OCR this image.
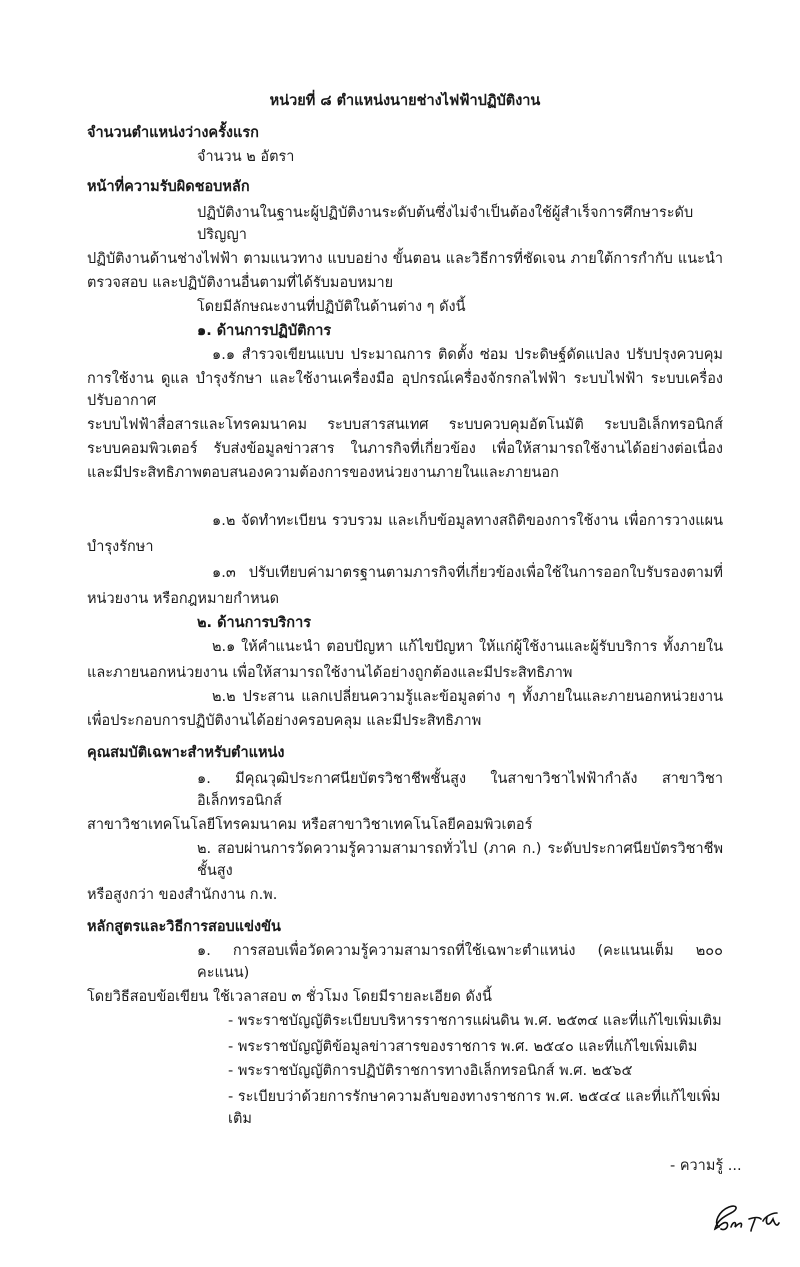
หน่วยที่ ๘ ตำแหน่งนายช่างไฟฟ้าปฏิบัติงาน
จำนวนตำแหน่งว่างครั้งแรก
จำนวน ๒ อัตรา
หน้าที่ความรับผิดชอบหลัก
ปฏิบัติงานในฐานะผู้ปฏิบัติงานระดับต้นซึ่งไม่จำเป็นต้องใช้ผู้สำเร็จการศึกษาระดับปริญญา
ปฏิบัติงานด้านช่างไฟฟ้า ตามแนวทาง แบบอย่าง ขั้นตอน และวิธีการที่ชัดเจน ภายใต้การกำกับ แนะนำ
ตรวจสอบ และปฏิบัติงานอื่นตามที่ได้รับมอบหมาย
โดยมีลักษณะงานที่ปฏิบัติในด้านต่าง ๆ ดังนี้
๑. ด้านการปฏิบัติการ
๑.๑ สำรวจเขียนแบบ ประมาณการ ติดตั้ง ซ่อม ประดิษฐ์ดัดแปลง ปรับปรุงควบคุม
การใช้งาน ดูแล บำรุงรักษา และใช้งานเครื่องมือ อุปกรณ์เครื่องจักรกลไฟฟ้า ระบบไฟฟ้า ระบบเครื่องปรับอากาศ
ระบบไฟฟ้าสื่อสารและโทรคมนาคม ระบบสารสนเทศ ระบบควบคุมอัตโนมัติ ระบบอิเล็กทรอนิกส์
ระบบคอมพิวเตอร์ รับส่งข้อมูลข่าวสาร ในภารกิจที่เกี่ยวข้อง เพื่อให้สามารถใช้งานได้อย่างต่อเนื่อง
และมีประสิทธิภาพตอบสนองความต้องการของหน่วยงานภายในและภายนอก
๑.๒ จัดทำทะเบียน รวบรวม และเก็บข้อมูลทางสถิติของการใช้งาน เพื่อการวางแผน
บำรุงรักษา
๑.๓ ปรับเทียบค่ามาตรฐานตามภารกิจที่เกี่ยวข้องเพื่อใช้ในการออกใบรับรองตามที่
หน่วยงาน หรือกฎหมายกำหนด
๒. ด้านการบริการ
๒.๑ ให้คำแนะนำ ตอบปัญหา แก้ไขปัญหา ให้แก่ผู้ใช้งานและผู้รับบริการ ทั้งภายใน
และภายนอกหน่วยงาน เพื่อให้สามารถใช้งานได้อย่างถูกต้องและมีประสิทธิภาพ
๒.๒ ประสาน แลกเปลี่ยนความรู้และข้อมูลต่าง ๆ ทั้งภายในและภายนอกหน่วยงาน
เพื่อประกอบการปฏิบัติงานได้อย่างครอบคลุม และมีประสิทธิภาพ
คุณสมบัติเฉพาะสำหรับตำแหน่ง
๑. มีคุณวุฒิประกาศนียบัตรวิชาชีพชั้นสูง ในสาขาวิชาไฟฟ้ากำลัง สาขาวิชาอิเล็กทรอนิกส์
สาขาวิชาเทคโนโลยีโทรคมนาคม หรือสาขาวิชาเทคโนโลยีคอมพิวเตอร์
๒. สอบผ่านการวัดความรู้ความสามารถทั่วไป (ภาค ก.) ระดับประกาศนียบัตรวิชาชีพชั้นสูง
หรือสูงกว่า ของสำนักงาน ก.พ.
หลักสูตรและวิธีการสอบแข่งขัน
๑. การสอบเพื่อวัดความรู้ความสามารถที่ใช้เฉพาะตำแหน่ง (คะแนนเต็ม ๒๐๐ คะแนน)
โดยวิธีสอบข้อเขียน ใช้เวลาสอบ ๓ ชั่วโมง โดยมีรายละเอียด ดังนี้
- พระราชบัญญัติระเบียบบริหารราชการแผ่นดิน พ.ศ. ๒๕๓๔ และที่แก้ไขเพิ่มเติม
- พระราชบัญญัติข้อมูลข่าวสารของราชการ พ.ศ. ๒๕๔๐ และที่แก้ไขเพิ่มเติม
- พระราชบัญญัติการปฏิบัติราชการทางอิเล็กทรอนิกส์ พ.ศ. ๒๕๖๕
- ระเบียบว่าด้วยการรักษาความลับของทางราชการ พ.ศ. ๒๕๔๔ และที่แก้ไขเพิ่มเติม
- ความรู้ ...
